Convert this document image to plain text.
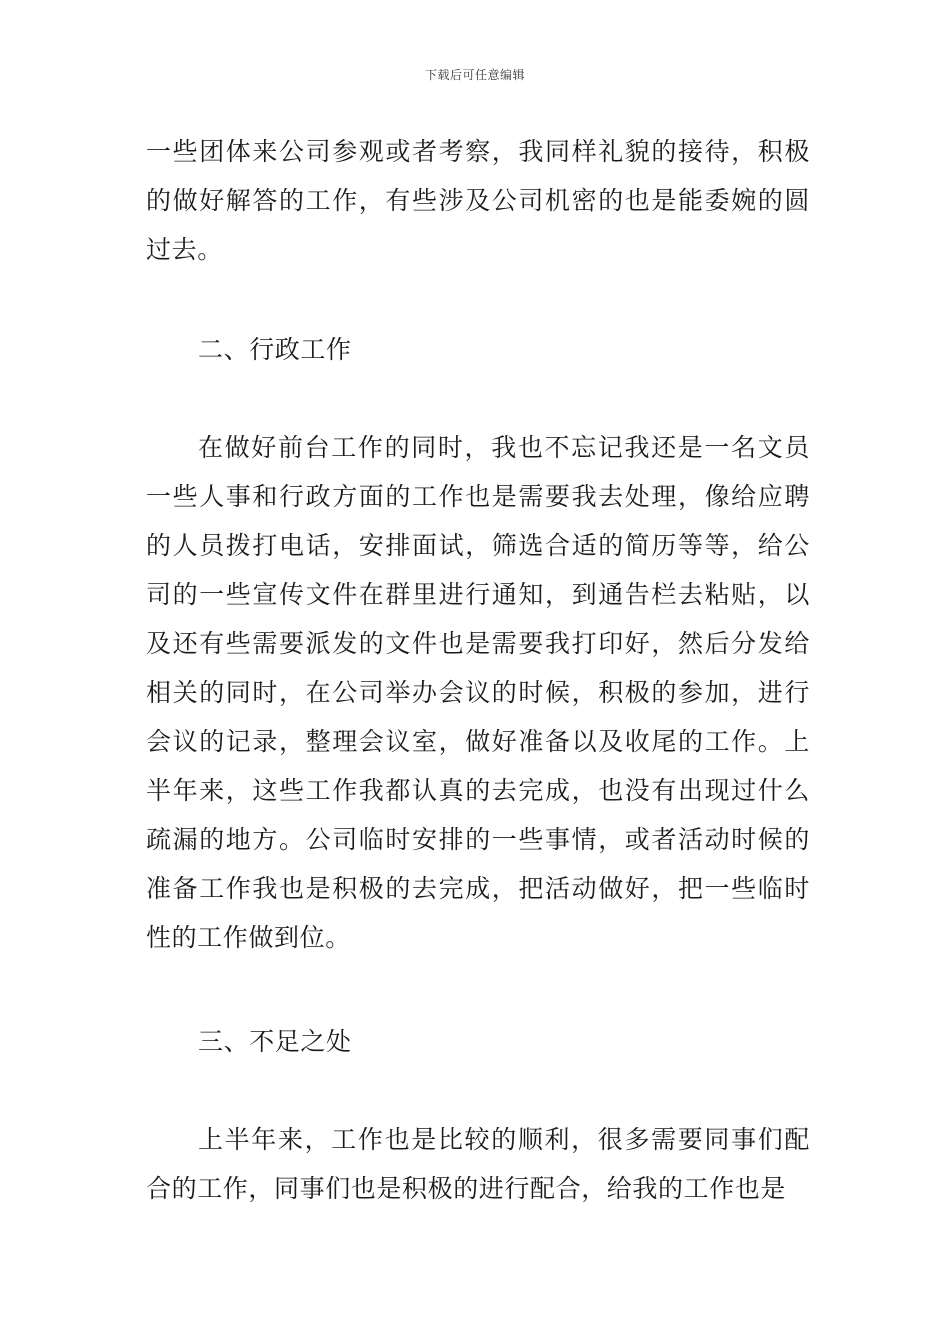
下载后可任意编辑

一些团体来公司参观或者考察，我同样礼貌的接待，积极的做好解答的工作，有些涉及公司机密的也是能委婉的圆过去。

二、行政工作

在做好前台工作的同时，我也不忘记我还是一名文员一些人事和行政方面的工作也是需要我去处理，像给应聘的人员拨打电话，安排面试，筛选合适的简历等等，给公司的一些宣传文件在群里进行通知，到通告栏去粘贴，以及还有些需要派发的文件也是需要我打印好，然后分发给相关的同时，在公司举办会议的时候，积极的参加，进行会议的记录，整理会议室，做好准备以及收尾的工作。上半年来，这些工作我都认真的去完成，也没有出现过什么疏漏的地方。公司临时安排的一些事情，或者活动时候的准备工作我也是积极的去完成，把活动做好，把一些临时性的工作做到位。

三、不足之处

上半年来，工作也是比较的顺利，很多需要同事们配合的工作，同事们也是积极的进行配合，给我的工作也是
